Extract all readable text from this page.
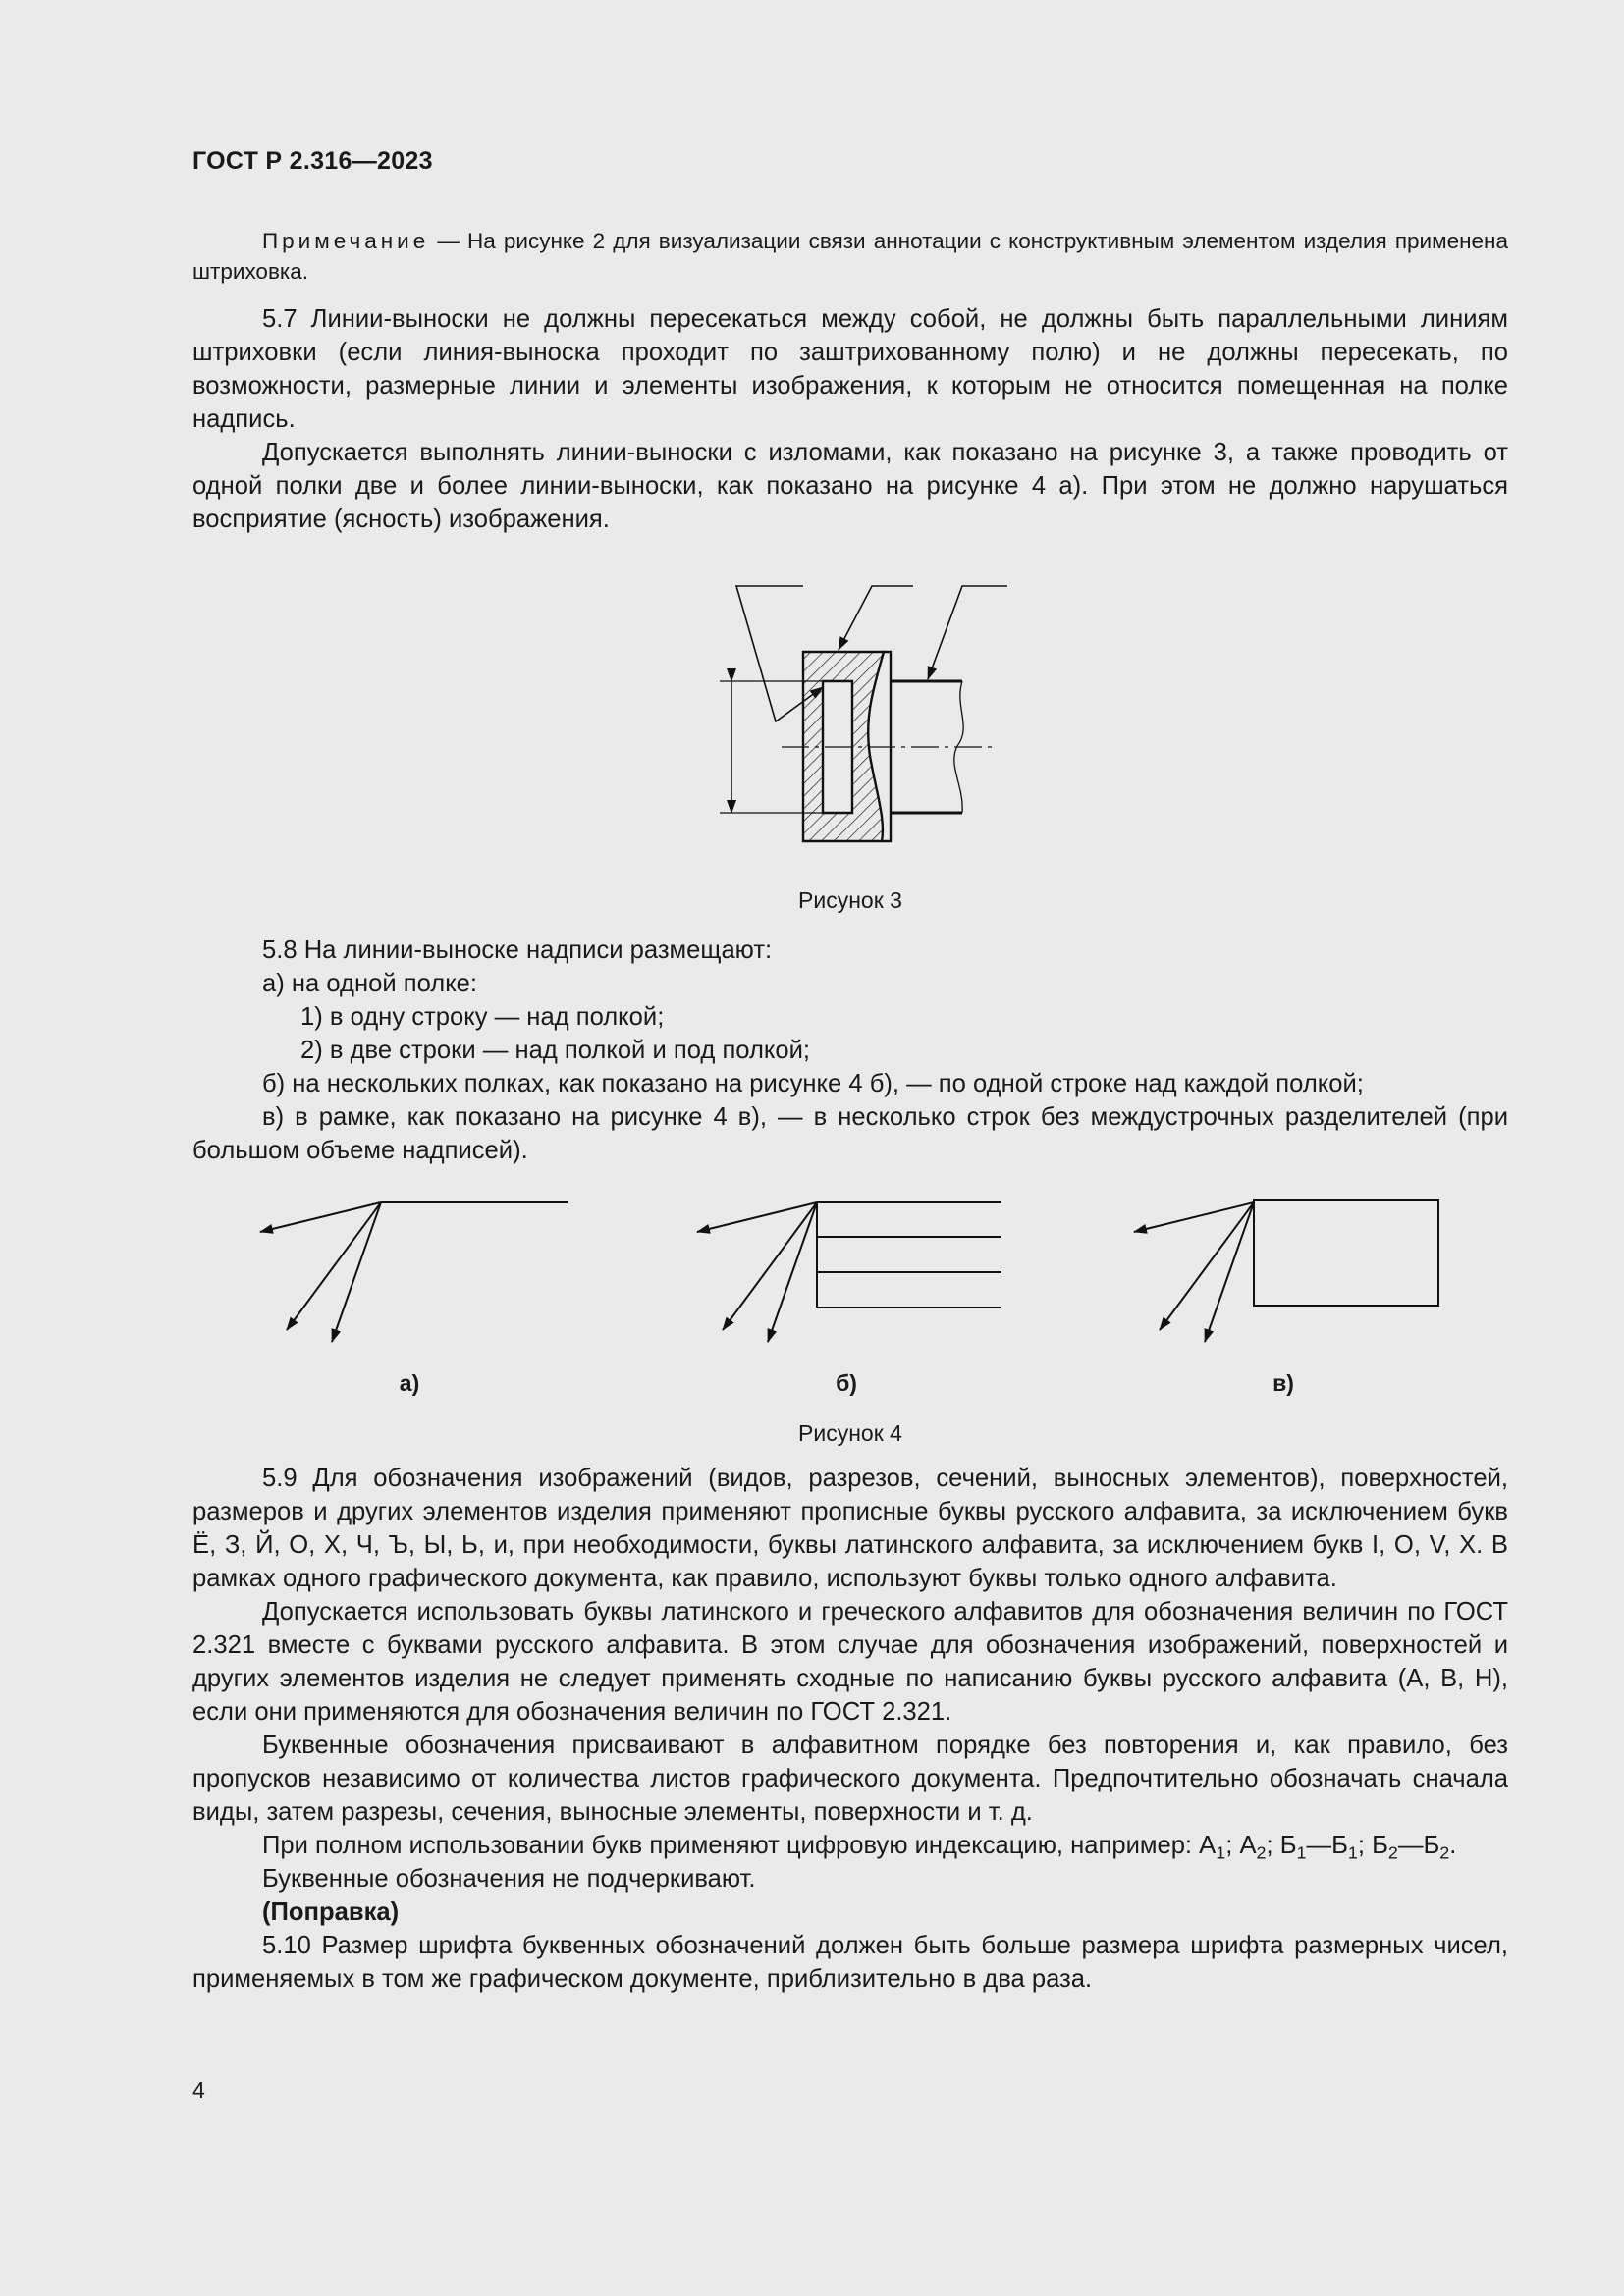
ГОСТ Р 2.316—2023

Примечание — На рисунке 2 для визуализации связи аннотации с конструктивным элементом изделия применена штриховка.

5.7 Линии-выноски не должны пересекаться между собой, не должны быть параллельными линиям штриховки (если линия-выноска проходит по заштрихованному полю) и не должны пересекать, по возможности, размерные линии и элементы изображения, к которым не относится помещенная на полке надпись.

Допускается выполнять линии-выноски с изломами, как показано на рисунке 3, а также проводить от одной полки две и более линии-выноски, как показано на рисунке 4 а). При этом не должно нарушаться восприятие (ясность) изображения.

Рисунок 3

5.8 На линии-выноске надписи размещают:

а) на одной полке:

1) в одну строку — над полкой;

2) в две строки — над полкой и под полкой;

б) на нескольких полках, как показано на рисунке 4 б), — по одной строке над каждой полкой;

в) в рамке, как показано на рисунке 4 в), — в несколько строк без междустрочных разделителей (при большом объеме надписей).

а)	б)	в)
Рисунок 4

5.9 Для обозначения изображений (видов, разрезов, сечений, выносных элементов), поверхностей, размеров и других элементов изделия применяют прописные буквы русского алфавита, за исключением букв Ё, З, Й, О, Х, Ч, Ъ, Ы, Ь, и, при необходимости, буквы латинского алфавита, за исключением букв I, O, V, X. В рамках одного графического документа, как правило, используют буквы только одного алфавита.

Допускается использовать буквы латинского и греческого алфавитов для обозначения величин по ГОСТ 2.321 вместе с буквами русского алфавита. В этом случае для обозначения изображений, поверхностей и других элементов изделия не следует применять сходные по написанию буквы русского алфавита (А, В, Н), если они применяются для обозначения величин по ГОСТ 2.321.

Буквенные обозначения присваивают в алфавитном порядке без повторения и, как правило, без пропусков независимо от количества листов графического документа. Предпочтительно обозначать сначала виды, затем разрезы, сечения, выносные элементы, поверхности и т. д.

При полном использовании букв применяют цифровую индексацию, например: $А_1$; $А_2$; $Б_1—Б_1$; $Б_2—Б_2$.

Буквенные обозначения не подчеркивают.

(Поправка)

5.10 Размер шрифта буквенных обозначений должен быть больше размера шрифта размерных чисел, применяемых в том же графическом документе, приблизительно в два раза.

4
